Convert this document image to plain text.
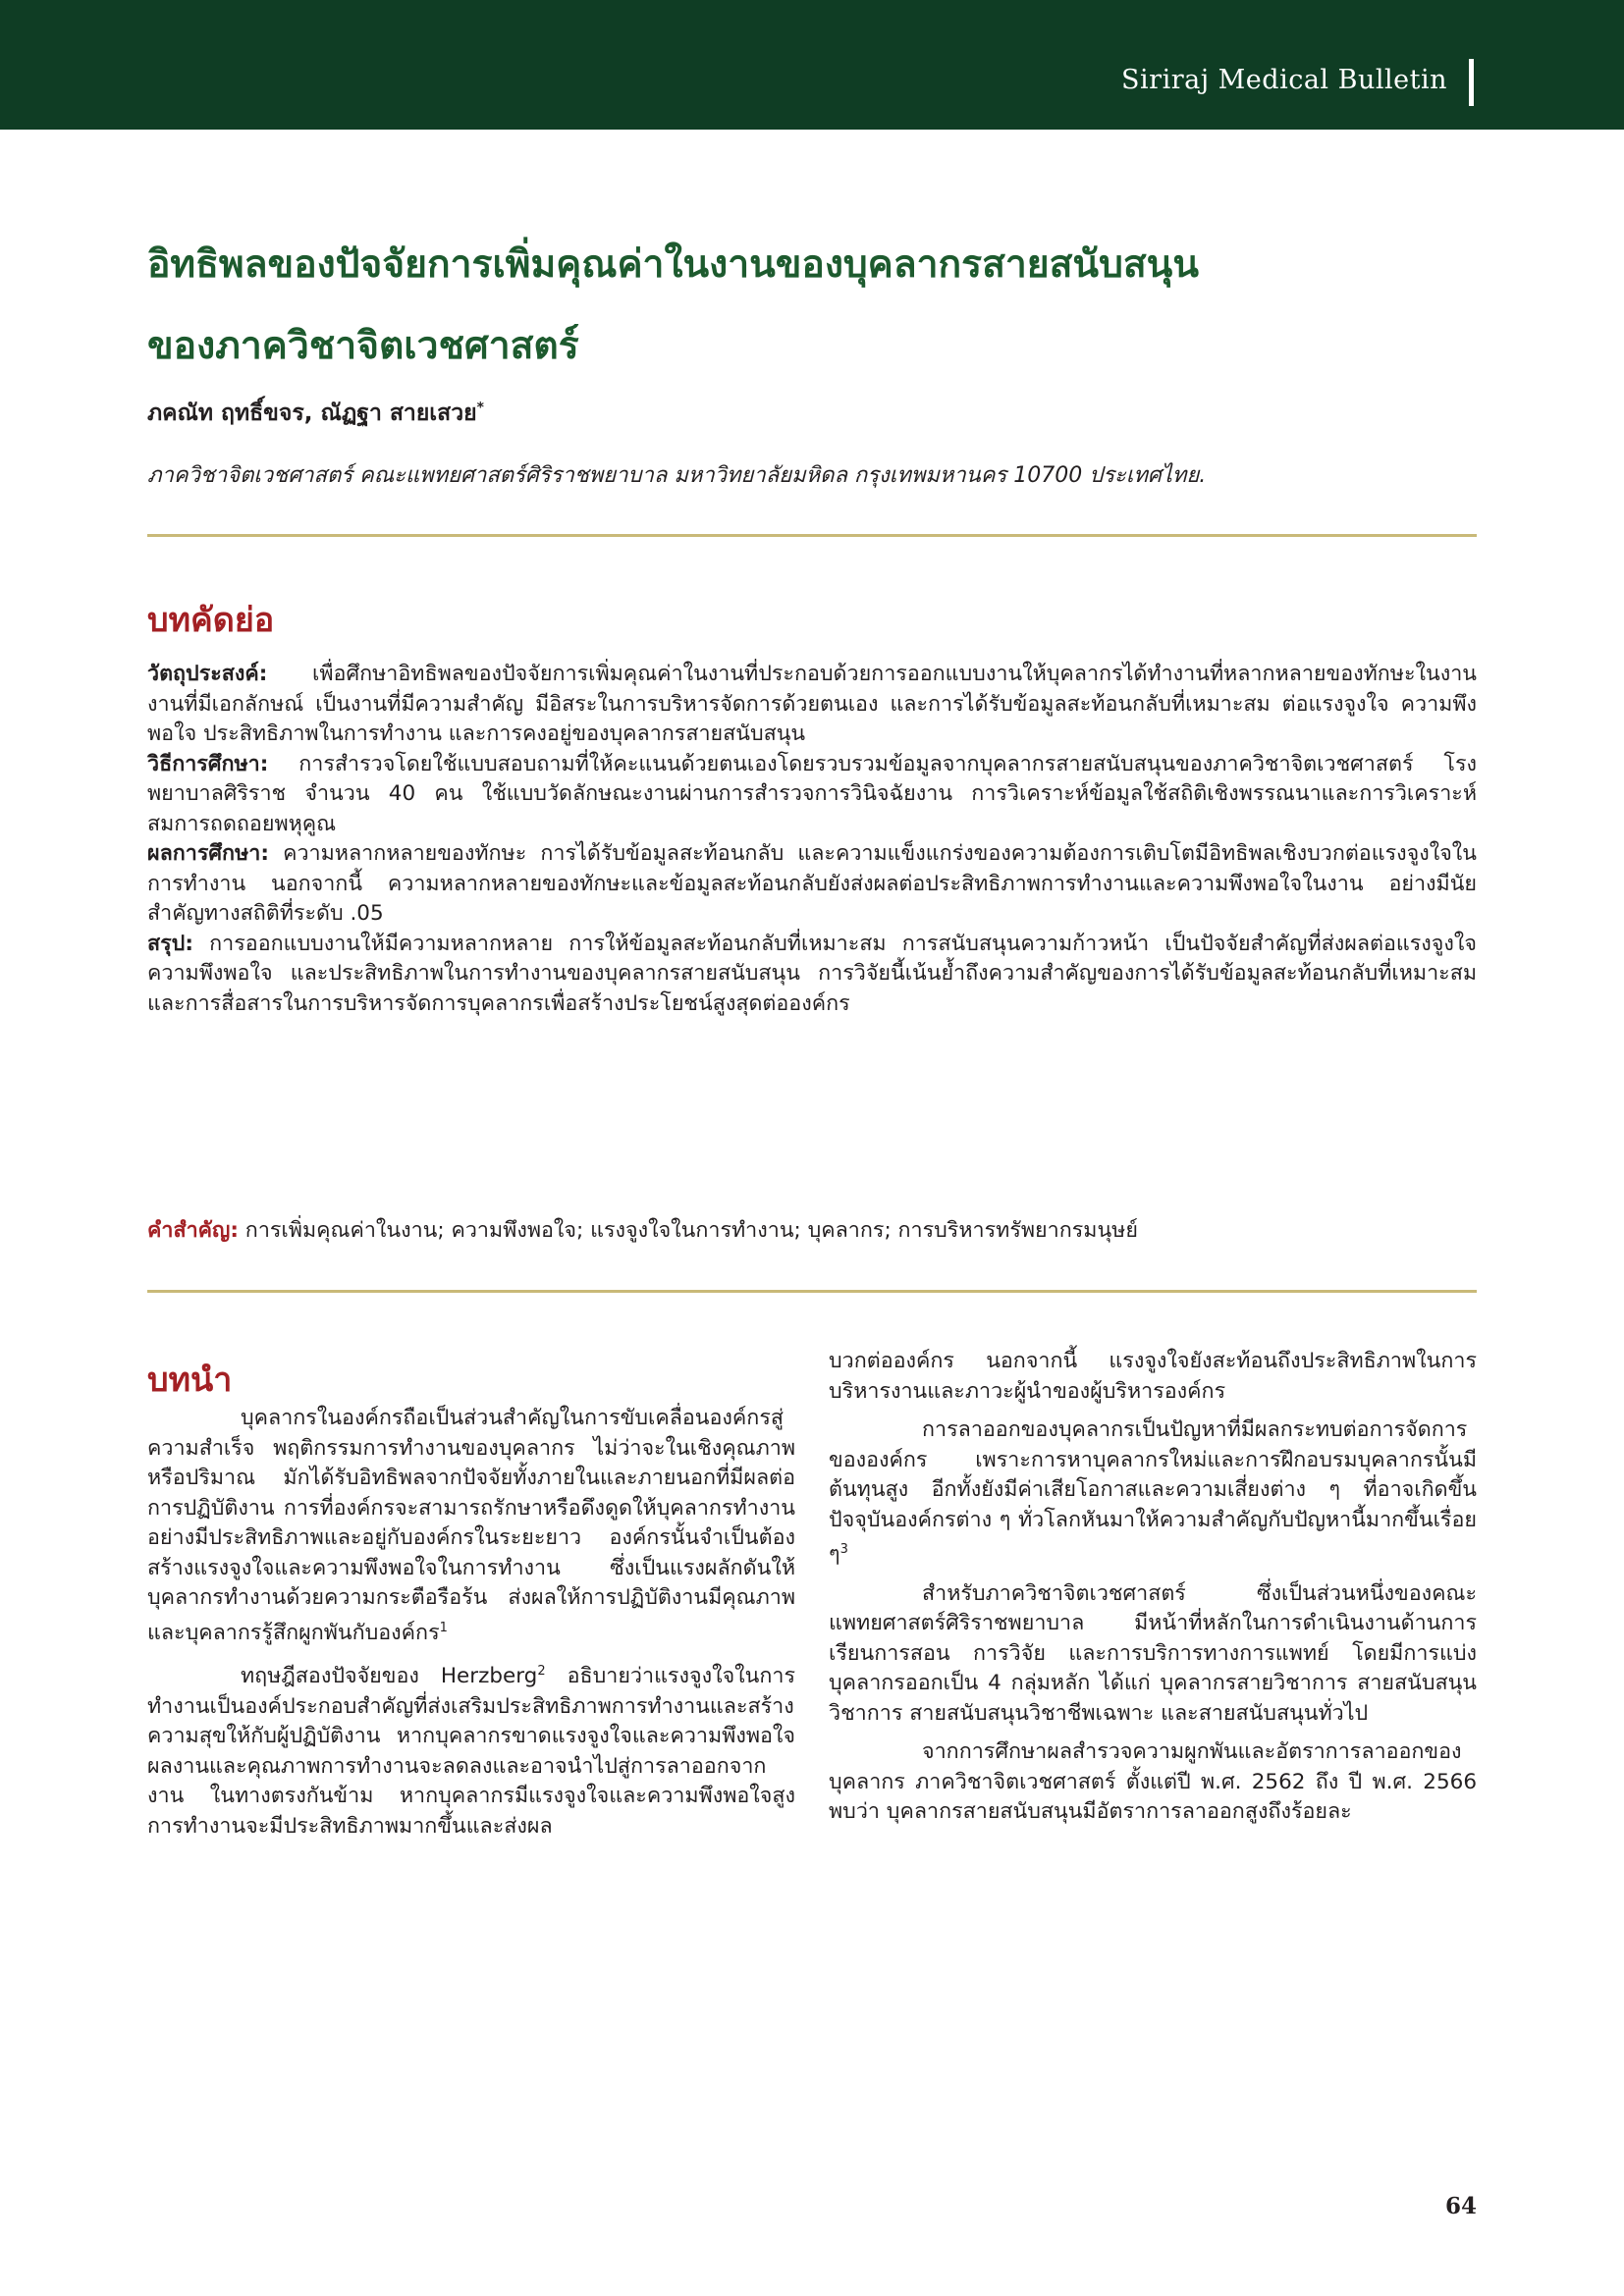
Siriraj Medical Bulletin
อิทธิพลของปัจจัยการเพิ่มคุณค่าในงานของบุคลากรสายสนับสนุน
ของภาควิชาจิตเวชศาสตร์
ภคณัท ฤทธิ์ขจร, ณัฏฐา สายเสวย*
ภาควิชาจิตเวชศาสตร์ คณะแพทยศาสตร์ศิริราชพยาบาล มหาวิทยาลัยมหิดล กรุงเทพมหานคร 10700 ประเทศไทย.
บทคัดย่อ

วัตถุประสงค์: เพื่อศึกษาอิทธิพลของปัจจัยการเพิ่มคุณค่าในงานที่ประกอบด้วยการออกแบบงานให้บุคลากรได้ทำงานที่หลากหลายของทักษะในงาน งานที่มีเอกลักษณ์ เป็นงานที่มีความสำคัญ มีอิสระในการบริหารจัดการด้วยตนเอง และการได้รับข้อมูลสะท้อนกลับที่เหมาะสม ต่อแรงจูงใจ ความพึงพอใจ ประสิทธิภาพในการทำงาน และการคงอยู่ของบุคลากรสายสนับสนุน

วิธีการศึกษา: การสำรวจโดยใช้แบบสอบถามที่ให้คะแนนด้วยตนเองโดยรวบรวมข้อมูลจากบุคลากรสายสนับสนุนของภาควิชาจิตเวชศาสตร์ โรงพยาบาลศิริราช จำนวน 40 คน ใช้แบบวัดลักษณะงานผ่านการสำรวจการวินิจฉัยงาน การวิเคราะห์ข้อมูลใช้สถิติเชิงพรรณนาและการวิเคราะห์สมการถดถอยพหุคูณ

ผลการศึกษา: ความหลากหลายของทักษะ การได้รับข้อมูลสะท้อนกลับ และความแข็งแกร่งของความต้องการเติบโตมีอิทธิพลเชิงบวกต่อแรงจูงใจในการทำงาน นอกจากนี้ ความหลากหลายของทักษะและข้อมูลสะท้อนกลับยังส่งผลต่อประสิทธิภาพการทำงานและความพึงพอใจในงาน อย่างมีนัยสำคัญทางสถิติที่ระดับ .05

สรุป: การออกแบบงานให้มีความหลากหลาย การให้ข้อมูลสะท้อนกลับที่เหมาะสม การสนับสนุนความก้าวหน้า เป็นปัจจัยสำคัญที่ส่งผลต่อแรงจูงใจ ความพึงพอใจ และประสิทธิภาพในการทำงานของบุคลากรสายสนับสนุน การวิจัยนี้เน้นย้ำถึงความสำคัญของการได้รับข้อมูลสะท้อนกลับที่เหมาะสมและการสื่อสารในการบริหารจัดการบุคลากรเพื่อสร้างประโยชน์สูงสุดต่อองค์กร

คำสำคัญ: การเพิ่มคุณค่าในงาน; ความพึงพอใจ; แรงจูงใจในการทำงาน; บุคลากร; การบริหารทรัพยากรมนุษย์
บทนำ

บุคลากรในองค์กรถือเป็นส่วนสำคัญในการขับเคลื่อนองค์กรสู่ความสำเร็จ พฤติกรรมการทำงานของบุคลากร ไม่ว่าจะในเชิงคุณภาพหรือปริมาณ มักได้รับอิทธิพลจากปัจจัยทั้งภายในและภายนอกที่มีผลต่อการปฏิบัติงาน การที่องค์กรจะสามารถรักษาหรือดึงดูดให้บุคลากรทำงานอย่างมีประสิทธิภาพและอยู่กับองค์กรในระยะยาว องค์กรนั้นจำเป็นต้องสร้างแรงจูงใจและความพึงพอใจในการทำงาน ซึ่งเป็นแรงผลักดันให้บุคลากรทำงานด้วยความกระตือรือร้น ส่งผลให้การปฏิบัติงานมีคุณภาพและบุคลากรรู้สึกผูกพันกับองค์กร$^1$

ทฤษฎีสองปัจจัยของ Herzberg$^2$ อธิบายว่าแรงจูงใจในการทำงานเป็นองค์ประกอบสำคัญที่ส่งเสริมประสิทธิภาพการทำงานและสร้างความสุขให้กับผู้ปฏิบัติงาน หากบุคลากรขาดแรงจูงใจและความพึงพอใจ ผลงานและคุณภาพการทำงานจะลดลงและอาจนำไปสู่การลาออกจากงาน ในทางตรงกันข้าม หากบุคลากรมีแรงจูงใจและความพึงพอใจสูง การทำงานจะมีประสิทธิภาพมากขึ้นและส่งผล

บวกต่อองค์กร นอกจากนี้ แรงจูงใจยังสะท้อนถึงประสิทธิภาพในการบริหารงานและภาวะผู้นำของผู้บริหารองค์กร

การลาออกของบุคลากรเป็นปัญหาที่มีผลกระทบต่อการจัดการขององค์กร เพราะการหาบุคลากรใหม่และการฝึกอบรมบุคลากรนั้นมีต้นทุนสูง อีกทั้งยังมีค่าเสียโอกาสและความเสี่ยงต่าง ๆ ที่อาจเกิดขึ้น ปัจจุบันองค์กรต่าง ๆ ทั่วโลกหันมาให้ความสำคัญกับปัญหานี้มากขึ้นเรื่อย ๆ$^3$

สำหรับภาควิชาจิตเวชศาสตร์ ซึ่งเป็นส่วนหนึ่งของคณะแพทยศาสตร์ศิริราชพยาบาล มีหน้าที่หลักในการดำเนินงานด้านการเรียนการสอน การวิจัย และการบริการทางการแพทย์ โดยมีการแบ่งบุคลากรออกเป็น 4 กลุ่มหลัก ได้แก่ บุคลากรสายวิชาการ สายสนับสนุนวิชาการ สายสนับสนุนวิชาชีพเฉพาะ และสายสนับสนุนทั่วไป

จากการศึกษาผลสำรวจความผูกพันและอัตราการลาออกของบุคลากร ภาควิชาจิตเวชศาสตร์ ตั้งแต่ปี พ.ศ. 2562 ถึง ปี พ.ศ. 2566 พบว่า บุคลากรสายสนับสนุนมีอัตราการลาออกสูงถึงร้อยละ

64
